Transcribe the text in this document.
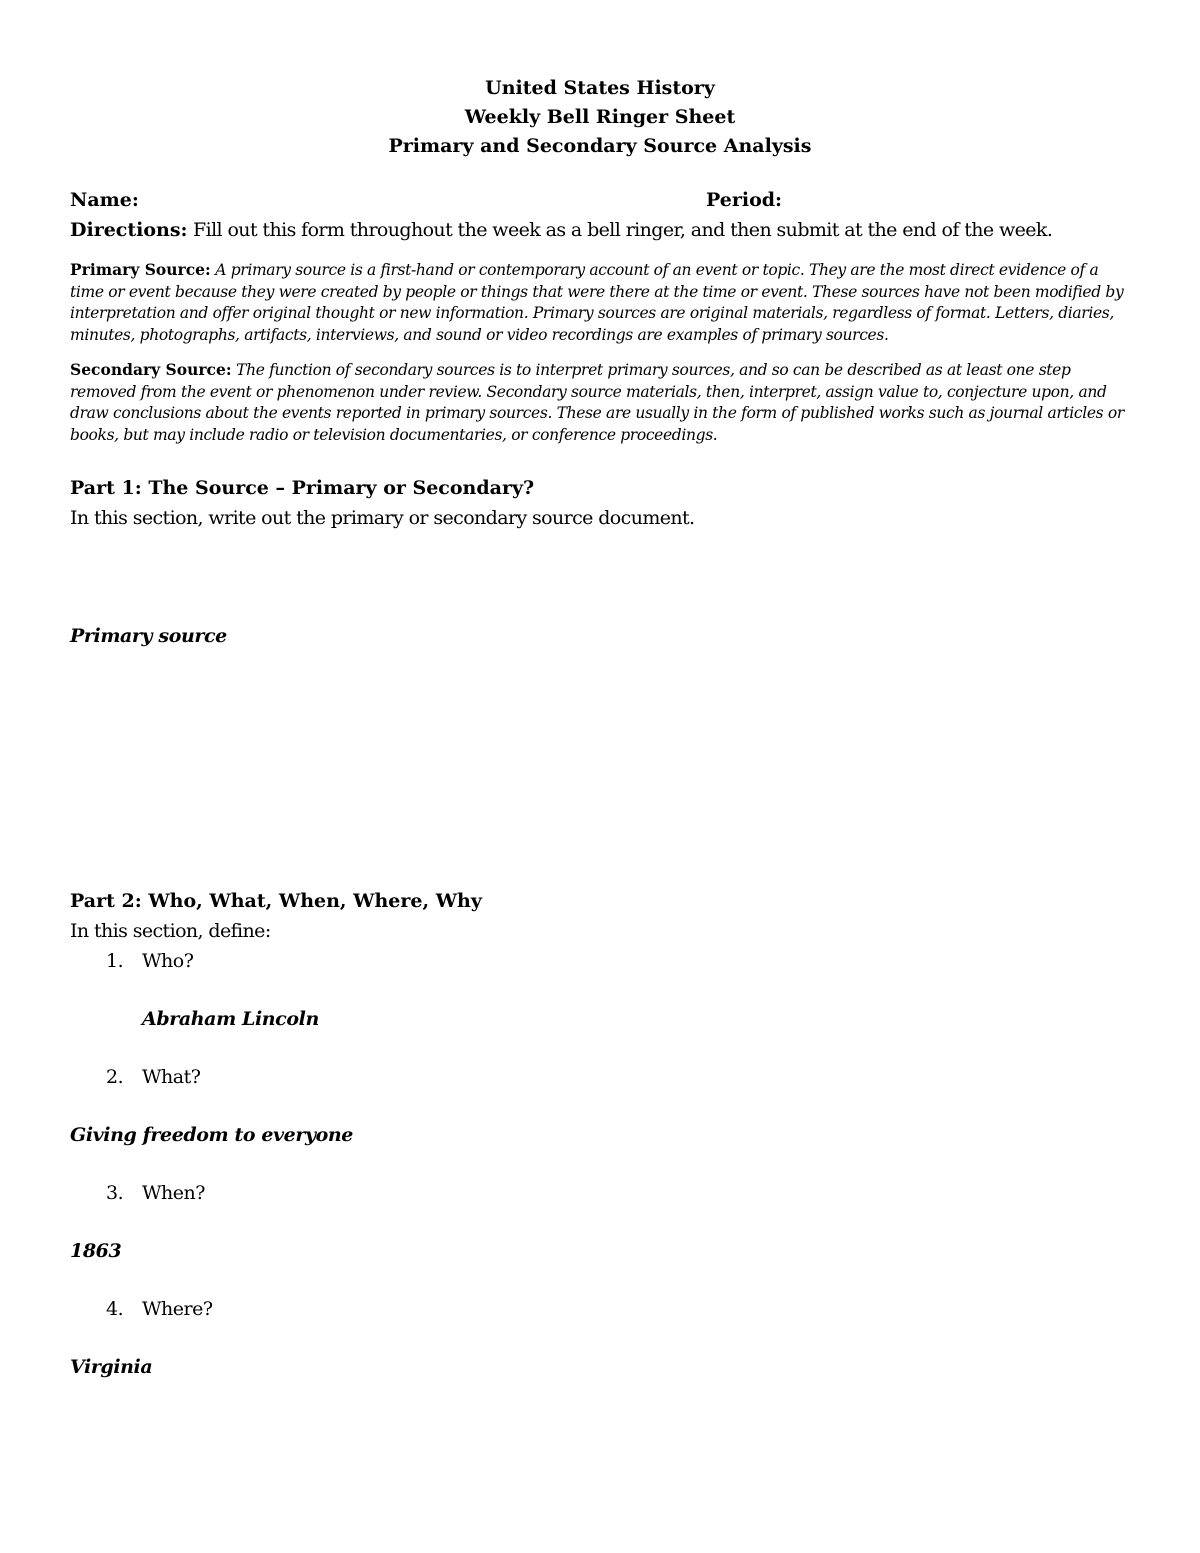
United States History
Weekly Bell Ringer Sheet
Primary and Secondary Source Analysis
Name:	Period:
Directions: Fill out this form throughout the week as a bell ringer, and then submit at the end of the week.
Primary Source: A primary source is a first-hand or contemporary account of an event or topic. They are the most direct evidence of a time or event because they were created by people or things that were there at the time or event. These sources have not been modified by interpretation and offer original thought or new information. Primary sources are original materials, regardless of format. Letters, diaries, minutes, photographs, artifacts, interviews, and sound or video recordings are examples of primary sources.
Secondary Source: The function of secondary sources is to interpret primary sources, and so can be described as at least one step removed from the event or phenomenon under review. Secondary source materials, then, interpret, assign value to, conjecture upon, and draw conclusions about the events reported in primary sources. These are usually in the form of published works such as journal articles or books, but may include radio or television documentaries, or conference proceedings.
Part 1: The Source – Primary or Secondary?
In this section, write out the primary or secondary source document.
Primary source
Part 2: Who, What, When, Where, Why
In this section, define:
1. Who?
Abraham Lincoln
2. What?
Giving freedom to everyone
3. When?
1863
4. Where?
Virginia
